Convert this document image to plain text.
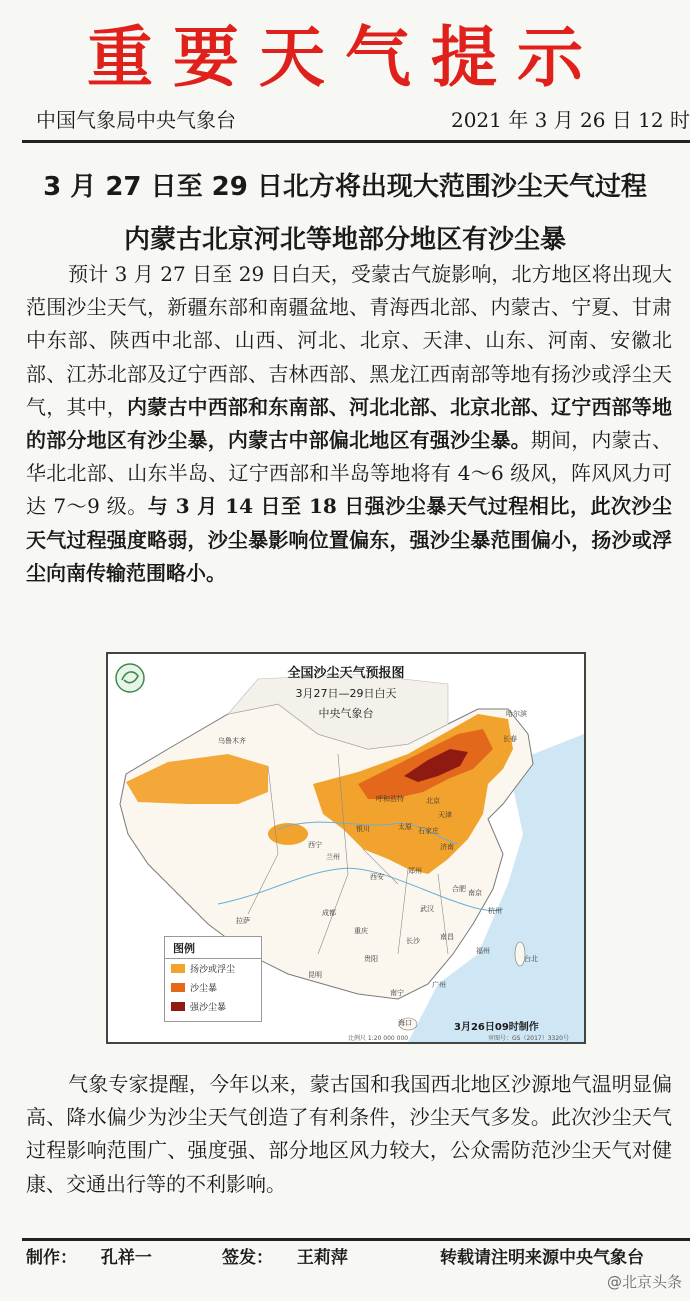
重要天气提示
中国气象局中央气象台	2021 年 3 月 26 日 12 时
3 月 27 日至 29 日北方将出现大范围沙尘天气过程
内蒙古北京河北等地部分地区有沙尘暴
预计 3 月 27 日至 29 日白天，受蒙古气旋影响，北方地区将出现大范围沙尘天气，新疆东部和南疆盆地、青海西北部、内蒙古、宁夏、甘肃中东部、陕西中北部、山西、河北、北京、天津、山东、河南、安徽北部、江苏北部及辽宁西部、吉林西部、黑龙江西南部等地有扬沙或浮尘天气，其中，内蒙古中西部和东南部、河北北部、北京北部、辽宁西部等地的部分地区有沙尘暴，内蒙古中部偏北地区有强沙尘暴。期间，内蒙古、华北北部、山东半岛、辽宁西部和半岛等地将有 4～6 级风，阵风风力可达 7～9 级。与 3 月 14 日至 18 日强沙尘暴天气过程相比，此次沙尘天气过程强度略弱，沙尘暴影响位置偏东，强沙尘暴范围偏小，扬沙或浮尘向南传输范围略小。
全国沙尘天气预报图
3月27日—29日白天
中央气象台
乌鲁木齐
哈尔滨
长春
呼和浩特	北京
天津
银川	太原 石家庄
济南
西宁
兰州
西安
郑州
拉萨
成都
重庆
武汉
南京
杭州
长沙	南昌
福州
贵阳
昆明
南宁
广州
台北
海口
合肥
图例
扬沙或浮尘
沙尘暴
强沙尘暴
3月26日09时制作
比例尺 1:20 000 000	审图号：GS（2017）3320号
气象专家提醒，今年以来，蒙古国和我国西北地区沙源地气温明显偏高、降水偏少为沙尘天气创造了有利条件，沙尘天气多发。此次沙尘天气过程影响范围广、强度强、部分地区风力较大，公众需防范沙尘天气对健康、交通出行等的不利影响。
制作： 孔祥一	签发： 王莉萍	转载请注明来源中央气象台
@北京头条
